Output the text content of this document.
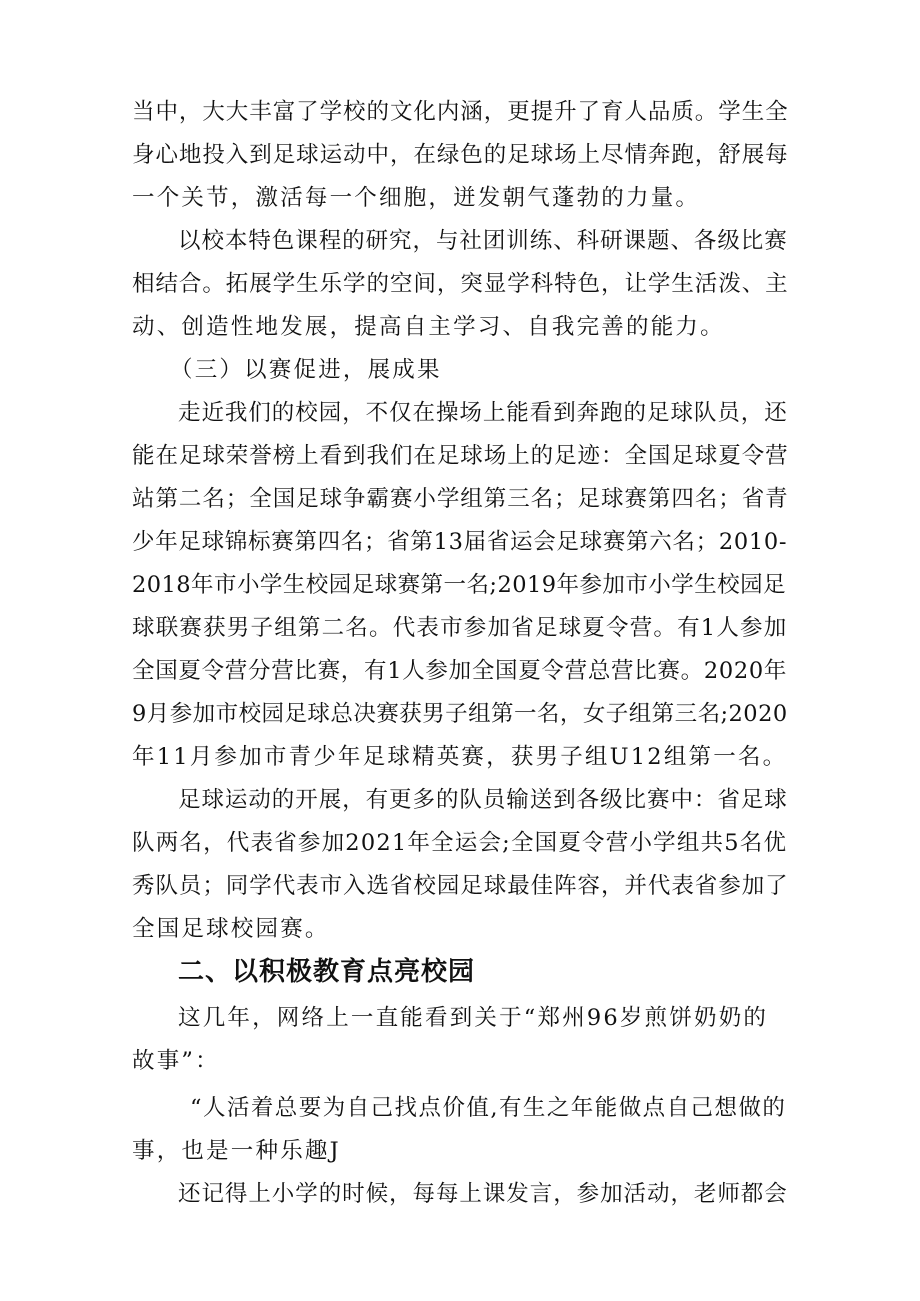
当中，大大丰富了学校的文化内涵，更提升了育人品质。学生全
身心地投入到足球运动中，在绿色的足球场上尽情奔跑，舒展每
一个关节，激活每一个细胞，迸发朝气蓬勃的力量。
以校本特色课程的研究，与社团训练、科研课题、各级比赛
相结合。拓展学生乐学的空间，突显学科特色，让学生活泼、主
动、创造性地发展，提高自主学习、自我完善的能力。
（三）以赛促进，展成果
走近我们的校园，不仅在操场上能看到奔跑的足球队员，还
能在足球荣誉榜上看到我们在足球场上的足迹：全国足球夏令营
站第二名；全国足球争霸赛小学组第三名；足球赛第四名；省青
少年足球锦标赛第四名；省第13届省运会足球赛第六名；2010-
2018年市小学生校园足球赛第一名;2019年参加市小学生校园足
球联赛获男子组第二名。代表市参加省足球夏令营。有1人参加
全国夏令营分营比赛，有1人参加全国夏令营总营比赛。2020年
9月参加市校园足球总决赛获男子组第一名，女子组第三名;2020
年11月参加市青少年足球精英赛，获男子组U12组第一名。
足球运动的开展，有更多的队员输送到各级比赛中：省足球
队两名，代表省参加2021年全运会;全国夏令营小学组共5名优
秀队员；同学代表市入选省校园足球最佳阵容，并代表省参加了
全国足球校园赛。
二、以积极教育点亮校园
这几年，网络上一直能看到关于“郑州96岁煎饼奶奶的
故事”：
“人活着总要为自己找点价值,有生之年能做点自己想做的
事，也是一种乐趣J
还记得上小学的时候，每每上课发言，参加活动，老师都会
